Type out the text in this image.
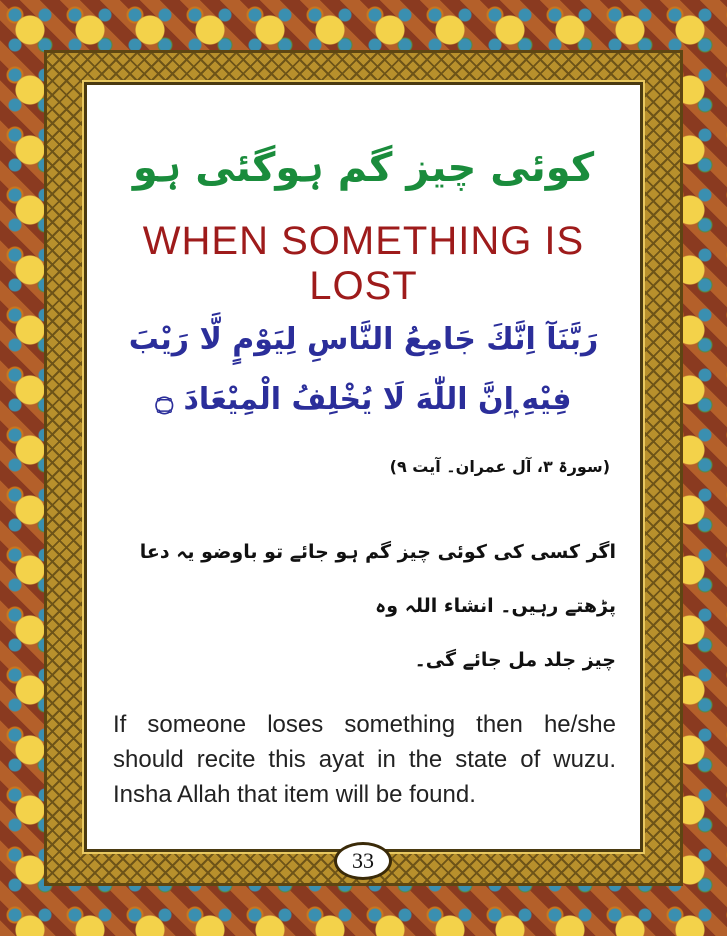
کوئی چیز گم ہوگئی ہو
WHEN SOMETHING IS LOST
رَبَّنَآ اِنَّكَ جَامِعُ النَّاسِ لِيَوْمٍ لَّا رَيْبَ
فِيْهِ ۭاِنَّ اللّٰهَ لَا يُخْلِفُ الْمِيْعَادَ ۝
(سورۃ ۳، آل عمران۔ آیت ۹)
اگر کسی کی کوئی چیز گم ہو جائے تو باوضو یہ دعا پڑھتے رہیں۔ انشاء اللہ وہ
چیز جلد مل جائے گی۔
If someone loses something then he/she
should recite this ayat in the state of wuzu.
Insha Allah that item will be found.
33
